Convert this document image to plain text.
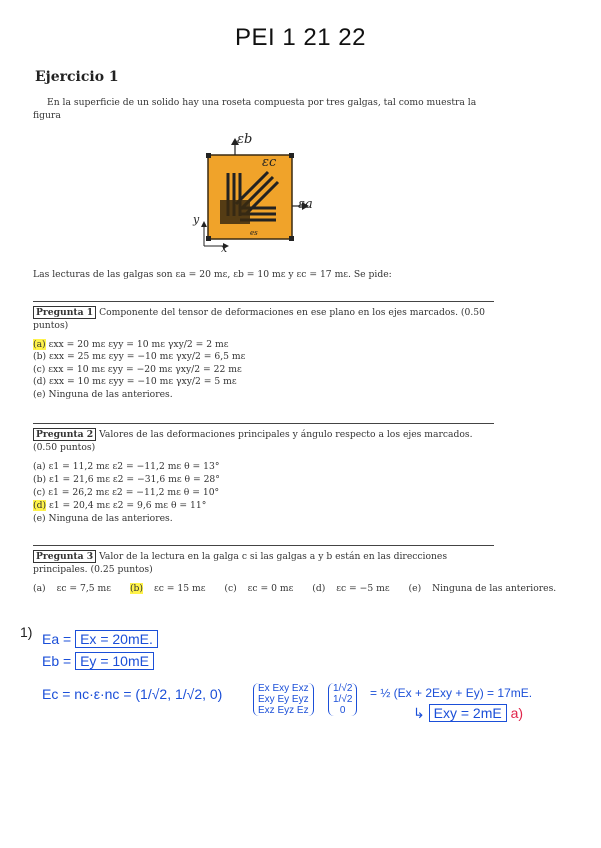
PEI 1 21 22
Ejercicio 1
En la superficie de un solido hay una roseta compuesta por tres galgas, tal como muestra la figura
εb
εc
εa
y
x
es
Las lecturas de las galgas son εa = 20 mε, εb = 10 mε y εc = 17 mε. Se pide:
Pregunta 1 Componente del tensor de deformaciones en ese plano en los ejes marcados. (0.50 puntos)
(a) εxx = 20 mε εyy = 10 mε γxy/2 = 2 mε
(b) εxx = 25 mε εyy = −10 mε γxy/2 = 6,5 mε
(c) εxx = 10 mε εyy = −20 mε γxy/2 = 22 mε
(d) εxx = 10 mε εyy = −10 mε γxy/2 = 5 mε
(e) Ninguna de las anteriores.
Pregunta 2 Valores de las deformaciones principales y ángulo respecto a los ejes marcados. (0.50 puntos)
(a) ε1 = 11,2 mε ε2 = −11,2 mε θ = 13°
(b) ε1 = 21,6 mε ε2 = −31,6 mε θ = 28°
(c) ε1 = 26,2 mε ε2 = −11,2 mε θ = 10°
(d) ε1 = 20,4 mε ε2 = 9,6 mε θ = 11°
(e) Ninguna de las anteriores.
Pregunta 3 Valor de la lectura en la galga c si las galgas a y b están en las direcciones principales. (0.25 puntos)
(a) εc = 7,5 mε (b) εc = 15 mε (c) εc = 0 mε (d) εc = −5 mε (e) Ninguna de las anteriores.
1) Ea = Ex = 20mE.
Eb = Ey = 10mE
Ec = nc·ε·nc = (1/√2, 1/√2, 0)	Ex Exy Exz
Exy Ey Eyz
Exz Eyz Ez
1/√2
1/√2
0
= ½ (Ex + 2Exy + Ey) = 17mE.
↳ Exy = 2mE a)
